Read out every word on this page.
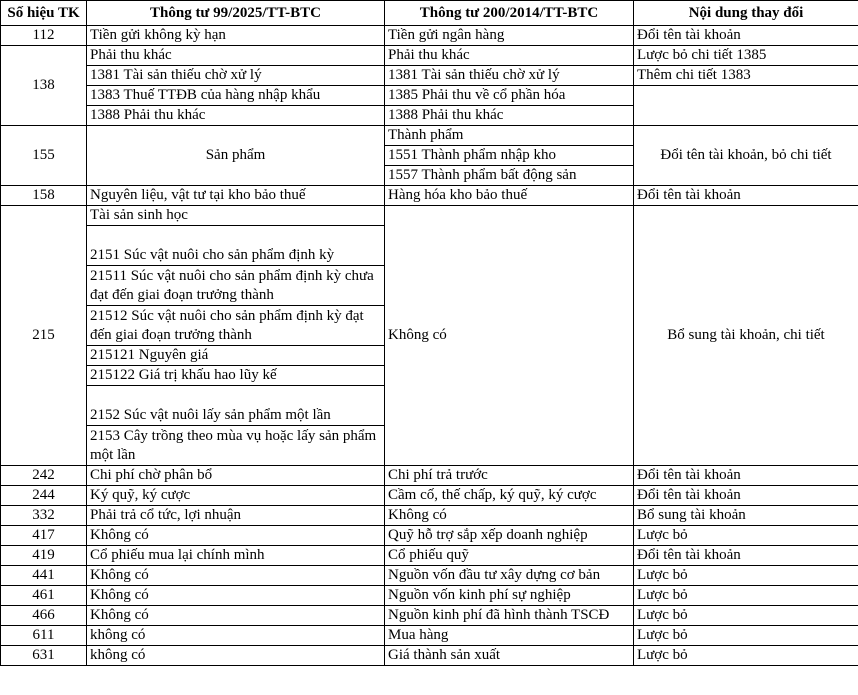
Số hiệu TK	Thông tư 99/2025/TT-BTC	Thông tư 200/2014/TT-BTC	Nội dung thay đổi
112	Tiền gửi không kỳ hạn	Tiền gửi ngân hàng	Đổi tên tài khoản
138	Phải thu khác	Phải thu khác	Lược bỏ chi tiết 1385
	1381 Tài sản thiếu chờ xử lý	1381 Tài sản thiếu chờ xử lý	Thêm chi tiết 1383
	1383 Thuế TTĐB của hàng nhập khẩu	1385 Phải thu về cổ phần hóa	
	1388 Phải thu khác	1388 Phải thu khác	
155	Sản phẩm	Thành phẩm	Đổi tên tài khoản, bỏ chi tiết
		1551 Thành phẩm nhập kho	
		1557 Thành phẩm bất động sản	
158	Nguyên liệu, vật tư tại kho bảo thuế	Hàng hóa kho bảo thuế	Đổi tên tài khoản
215	Tài sản sinh học	Không có	Bổ sung tài khoản, chi tiết
	2151 Súc vật nuôi cho sản phẩm định kỳ		
	21511 Súc vật nuôi cho sản phẩm định kỳ chưa đạt đến giai đoạn trưởng thành		
	21512 Súc vật nuôi cho sản phẩm định kỳ đạt đến giai đoạn trưởng thành		
	215121 Nguyên giá		
	215122 Giá trị khấu hao lũy kế		
	2152 Súc vật nuôi lấy sản phẩm một lần		
	2153 Cây trồng theo mùa vụ hoặc lấy sản phẩm một lần		
242	Chi phí chờ phân bổ	Chi phí trả trước	Đổi tên tài khoản
244	Ký quỹ, ký cược	Cầm cố, thế chấp, ký quỹ, ký cược	Đổi tên tài khoản
332	Phải trả cổ tức, lợi nhuận	Không có	Bổ sung tài khoản
417	Không có	Quỹ hỗ trợ sắp xếp doanh nghiệp	Lược bỏ
419	Cổ phiếu mua lại chính mình	Cổ phiếu quỹ	Đổi tên tài khoản
441	Không có	Nguồn vốn đầu tư xây dựng cơ bản	Lược bỏ
461	Không có	Nguồn vốn kinh phí sự nghiệp	Lược bỏ
466	Không có	Nguồn kinh phí đã hình thành TSCĐ	Lược bỏ
611	không có	Mua hàng	Lược bỏ
631	không có	Giá thành sản xuất	Lược bỏ
